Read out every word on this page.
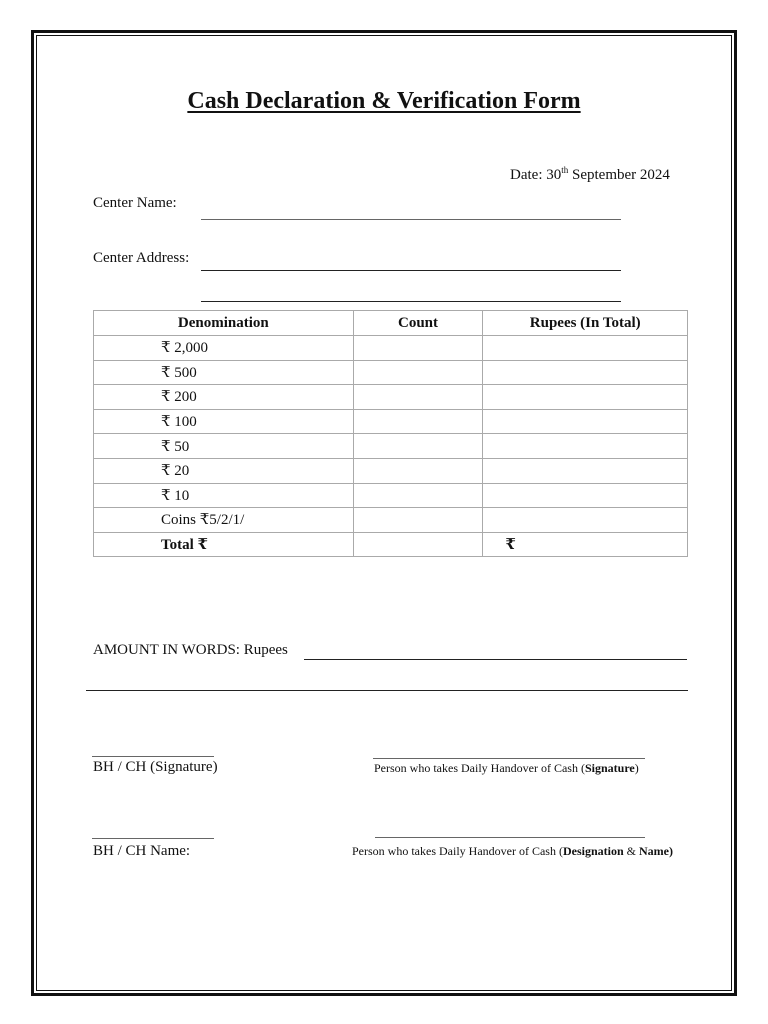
Cash Declaration & Verification Form
Date: 30th September 2024
Center Name:
Center Address:
Denomination	Count	Rupees (In Total)
₹ 2,000		
₹ 500		
₹ 200		
₹ 100		
₹ 50		
₹ 20		
₹ 10		
Coins ₹5/2/1/		
Total ₹		₹
AMOUNT IN WORDS: Rupees
BH / CH (Signature)	Person who takes Daily Handover of Cash (Signature)
BH / CH Name:	Person who takes Daily Handover of Cash (Designation & Name)
